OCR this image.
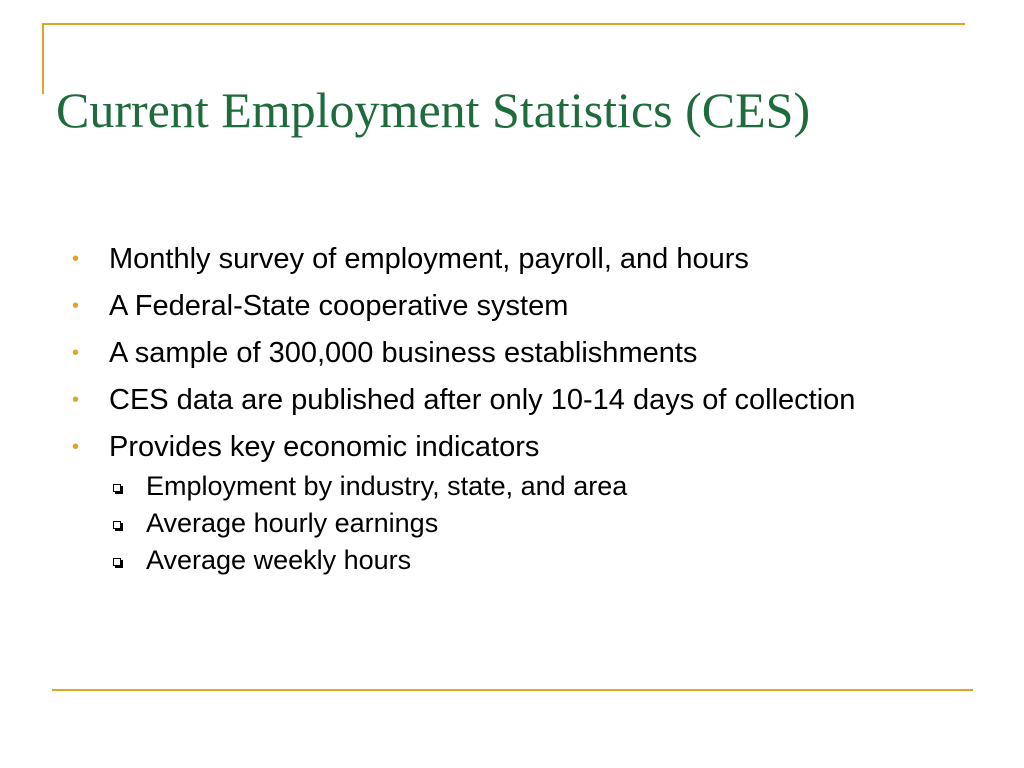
Current Employment Statistics (CES)
•	Monthly survey of employment, payroll, and hours
•	A Federal-State cooperative system
•	A sample of 300,000 business establishments
•	CES data are published after only 10-14 days of collection
•	Provides key economic indicators
Employment by industry, state, and area
Average hourly earnings
Average weekly hours
